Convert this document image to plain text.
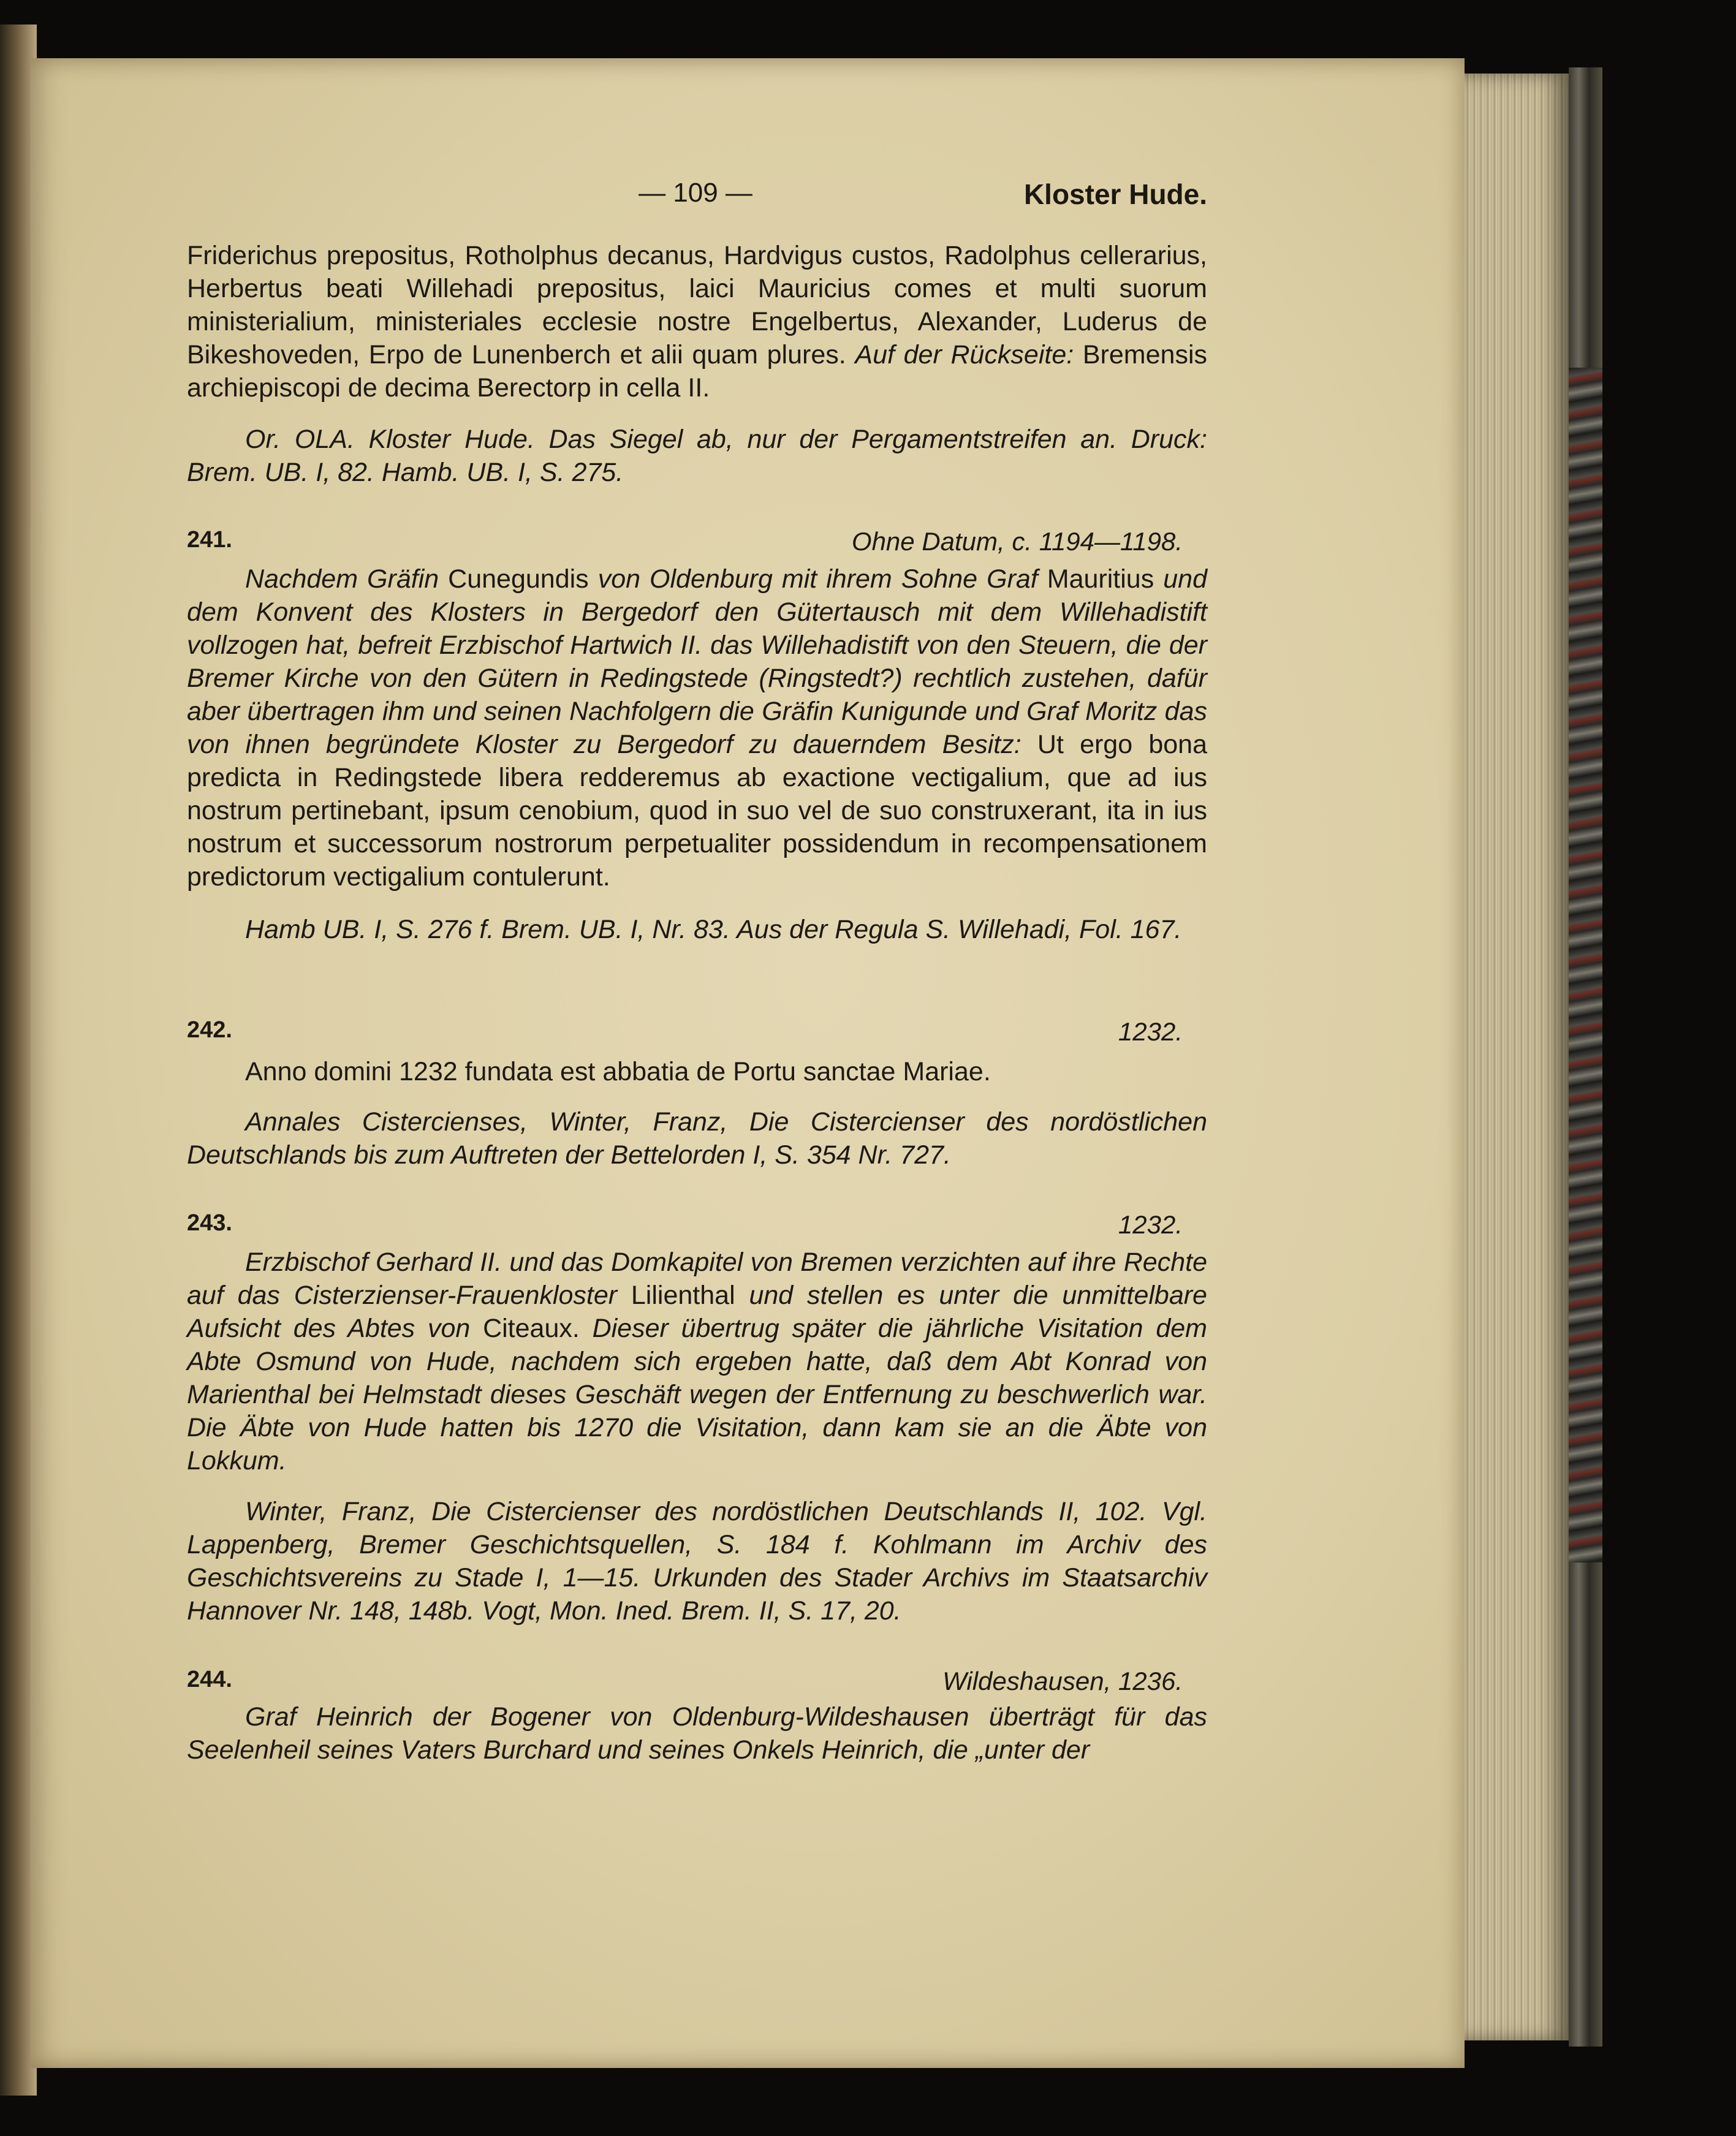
— 109 —	Kloster Hude.
Friderichus prepositus, Rotholphus decanus, Hardvigus custos, Radolphus cellerarius, Herbertus beati Willehadi prepositus, laici Mauricius comes et multi suorum ministerialium, ministeriales ecclesie nostre Engelbertus, Alexander, Luderus de Bikeshoveden, Erpo de Lunenberch et alii quam plures. Auf der Rückseite: Bremensis archiepiscopi de decima Berectorp in cella II.
Or. OLA. Kloster Hude. Das Siegel ab, nur der Pergamentstreifen an. Druck: Brem. UB. I, 82. Hamb. UB. I, S. 275.
241.	Ohne Datum, c. 1194—1198.
Nachdem Gräfin Cunegundis von Oldenburg mit ihrem Sohne Graf Mauritius und dem Konvent des Klosters in Bergedorf den Gütertausch mit dem Willehadistift vollzogen hat, befreit Erzbischof Hartwich II. das Willehadistift von den Steuern, die der Bremer Kirche von den Gütern in Redingstede (Ringstedt?) rechtlich zustehen, dafür aber übertragen ihm und seinen Nachfolgern die Gräfin Kunigunde und Graf Moritz das von ihnen begründete Kloster zu Bergedorf zu dauerndem Besitz: Ut ergo bona predicta in Redingstede libera redderemus ab exactione vectigalium, que ad ius nostrum pertinebant, ipsum cenobium, quod in suo vel de suo construxerant, ita in ius nostrum et successorum nostrorum perpetualiter possidendum in recompensationem predictorum vectigalium contulerunt.
Hamb UB. I, S. 276 f. Brem. UB. I, Nr. 83. Aus der Regula S. Willehadi, Fol. 167.
242.	1232.
Anno domini 1232 fundata est abbatia de Portu sanctae Mariae.
Annales Cistercienses, Winter, Franz, Die Cistercienser des nordöstlichen Deutschlands bis zum Auftreten der Bettelorden I, S. 354 Nr. 727.
243.	1232.
Erzbischof Gerhard II. und das Domkapitel von Bremen verzichten auf ihre Rechte auf das Cisterzienser-Frauenkloster Lilienthal und stellen es unter die unmittelbare Aufsicht des Abtes von Citeaux. Dieser übertrug später die jährliche Visitation dem Abte Osmund von Hude, nachdem sich ergeben hatte, daß dem Abt Konrad von Marienthal bei Helmstadt dieses Geschäft wegen der Entfernung zu beschwerlich war. Die Äbte von Hude hatten bis 1270 die Visitation, dann kam sie an die Äbte von Lokkum.
Winter, Franz, Die Cistercienser des nordöstlichen Deutschlands II, 102. Vgl. Lappenberg, Bremer Geschichtsquellen, S. 184 f. Kohlmann im Archiv des Geschichtsvereins zu Stade I, 1—15. Urkunden des Stader Archivs im Staatsarchiv Hannover Nr. 148, 148b. Vogt, Mon. Ined. Brem. II, S. 17, 20.
244.	Wildeshausen, 1236.
Graf Heinrich der Bogener von Oldenburg-Wildeshausen überträgt für das Seelenheil seines Vaters Burchard und seines Onkels Heinrich, die „unter der
